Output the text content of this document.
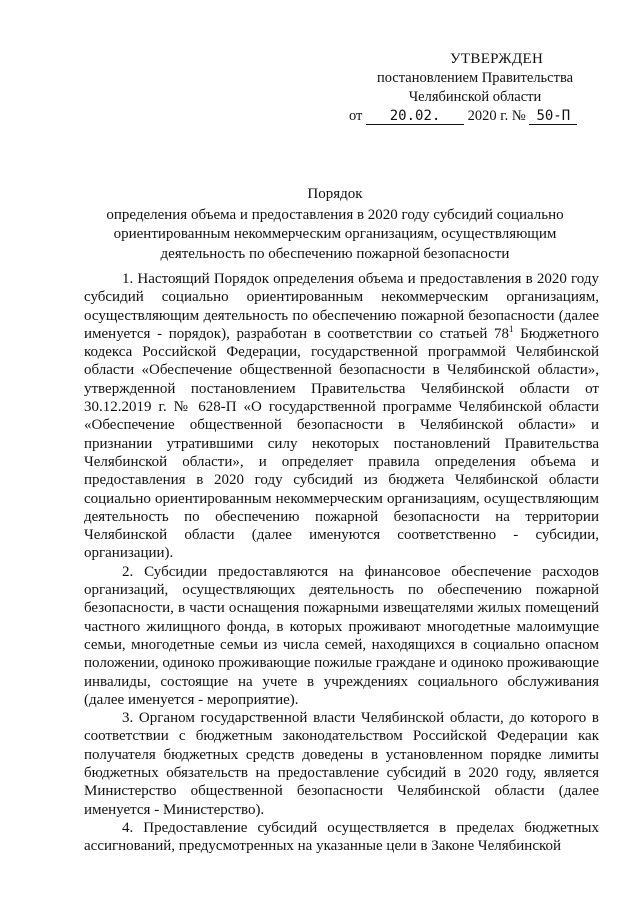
УТВЕРЖДЕН
постановлением Правительства
Челябинской области
от 20.02. 2020 г. № 50-П
Порядок
определения объема и предоставления в 2020 году субсидий социально
ориентированным некоммерческим организациям, осуществляющим
деятельность по обеспечению пожарной безопасности

1. Настоящий Порядок определения объема и предоставления в 2020 году субсидий социально ориентированным некоммерческим организациям, осуществляющим деятельность по обеспечению пожарной безопасности (далее именуется - порядок), разработан в соответствии со статьей $78^1$ Бюджетного кодекса Российской Федерации, государственной программой Челябинской области «Обеспечение общественной безопасности в Челябинской области», утвержденной постановлением Правительства Челябинской области от 30.12.2019 г. № 628-П «О государственной программе Челябинской области «Обеспечение общественной безопасности в Челябинской области» и признании утратившими силу некоторых постановлений Правительства Челябинской области», и определяет правила определения объема и предоставления в 2020 году субсидий из бюджета Челябинской области социально ориентированным некоммерческим организациям, осуществляющим деятельность по обеспечению пожарной безопасности на территории Челябинской области (далее именуются соответственно - субсидии, организации).

2. Субсидии предоставляются на финансовое обеспечение расходов организаций, осуществляющих деятельность по обеспечению пожарной безопасности, в части оснащения пожарными извещателями жилых помещений частного жилищного фонда, в которых проживают многодетные малоимущие семьи, многодетные семьи из числа семей, находящихся в социально опасном положении, одиноко проживающие пожилые граждане и одиноко проживающие инвалиды, состоящие на учете в учреждениях социального обслуживания (далее именуется - мероприятие).

3. Органом государственной власти Челябинской области, до которого в соответствии с бюджетным законодательством Российской Федерации как получателя бюджетных средств доведены в установленном порядке лимиты бюджетных обязательств на предоставление субсидий в 2020 году, является Министерство общественной безопасности Челябинской области (далее именуется - Министерство).

4. Предоставление субсидий осуществляется в пределах бюджетных ассигнований, предусмотренных на указанные цели в Законе Челябинской
